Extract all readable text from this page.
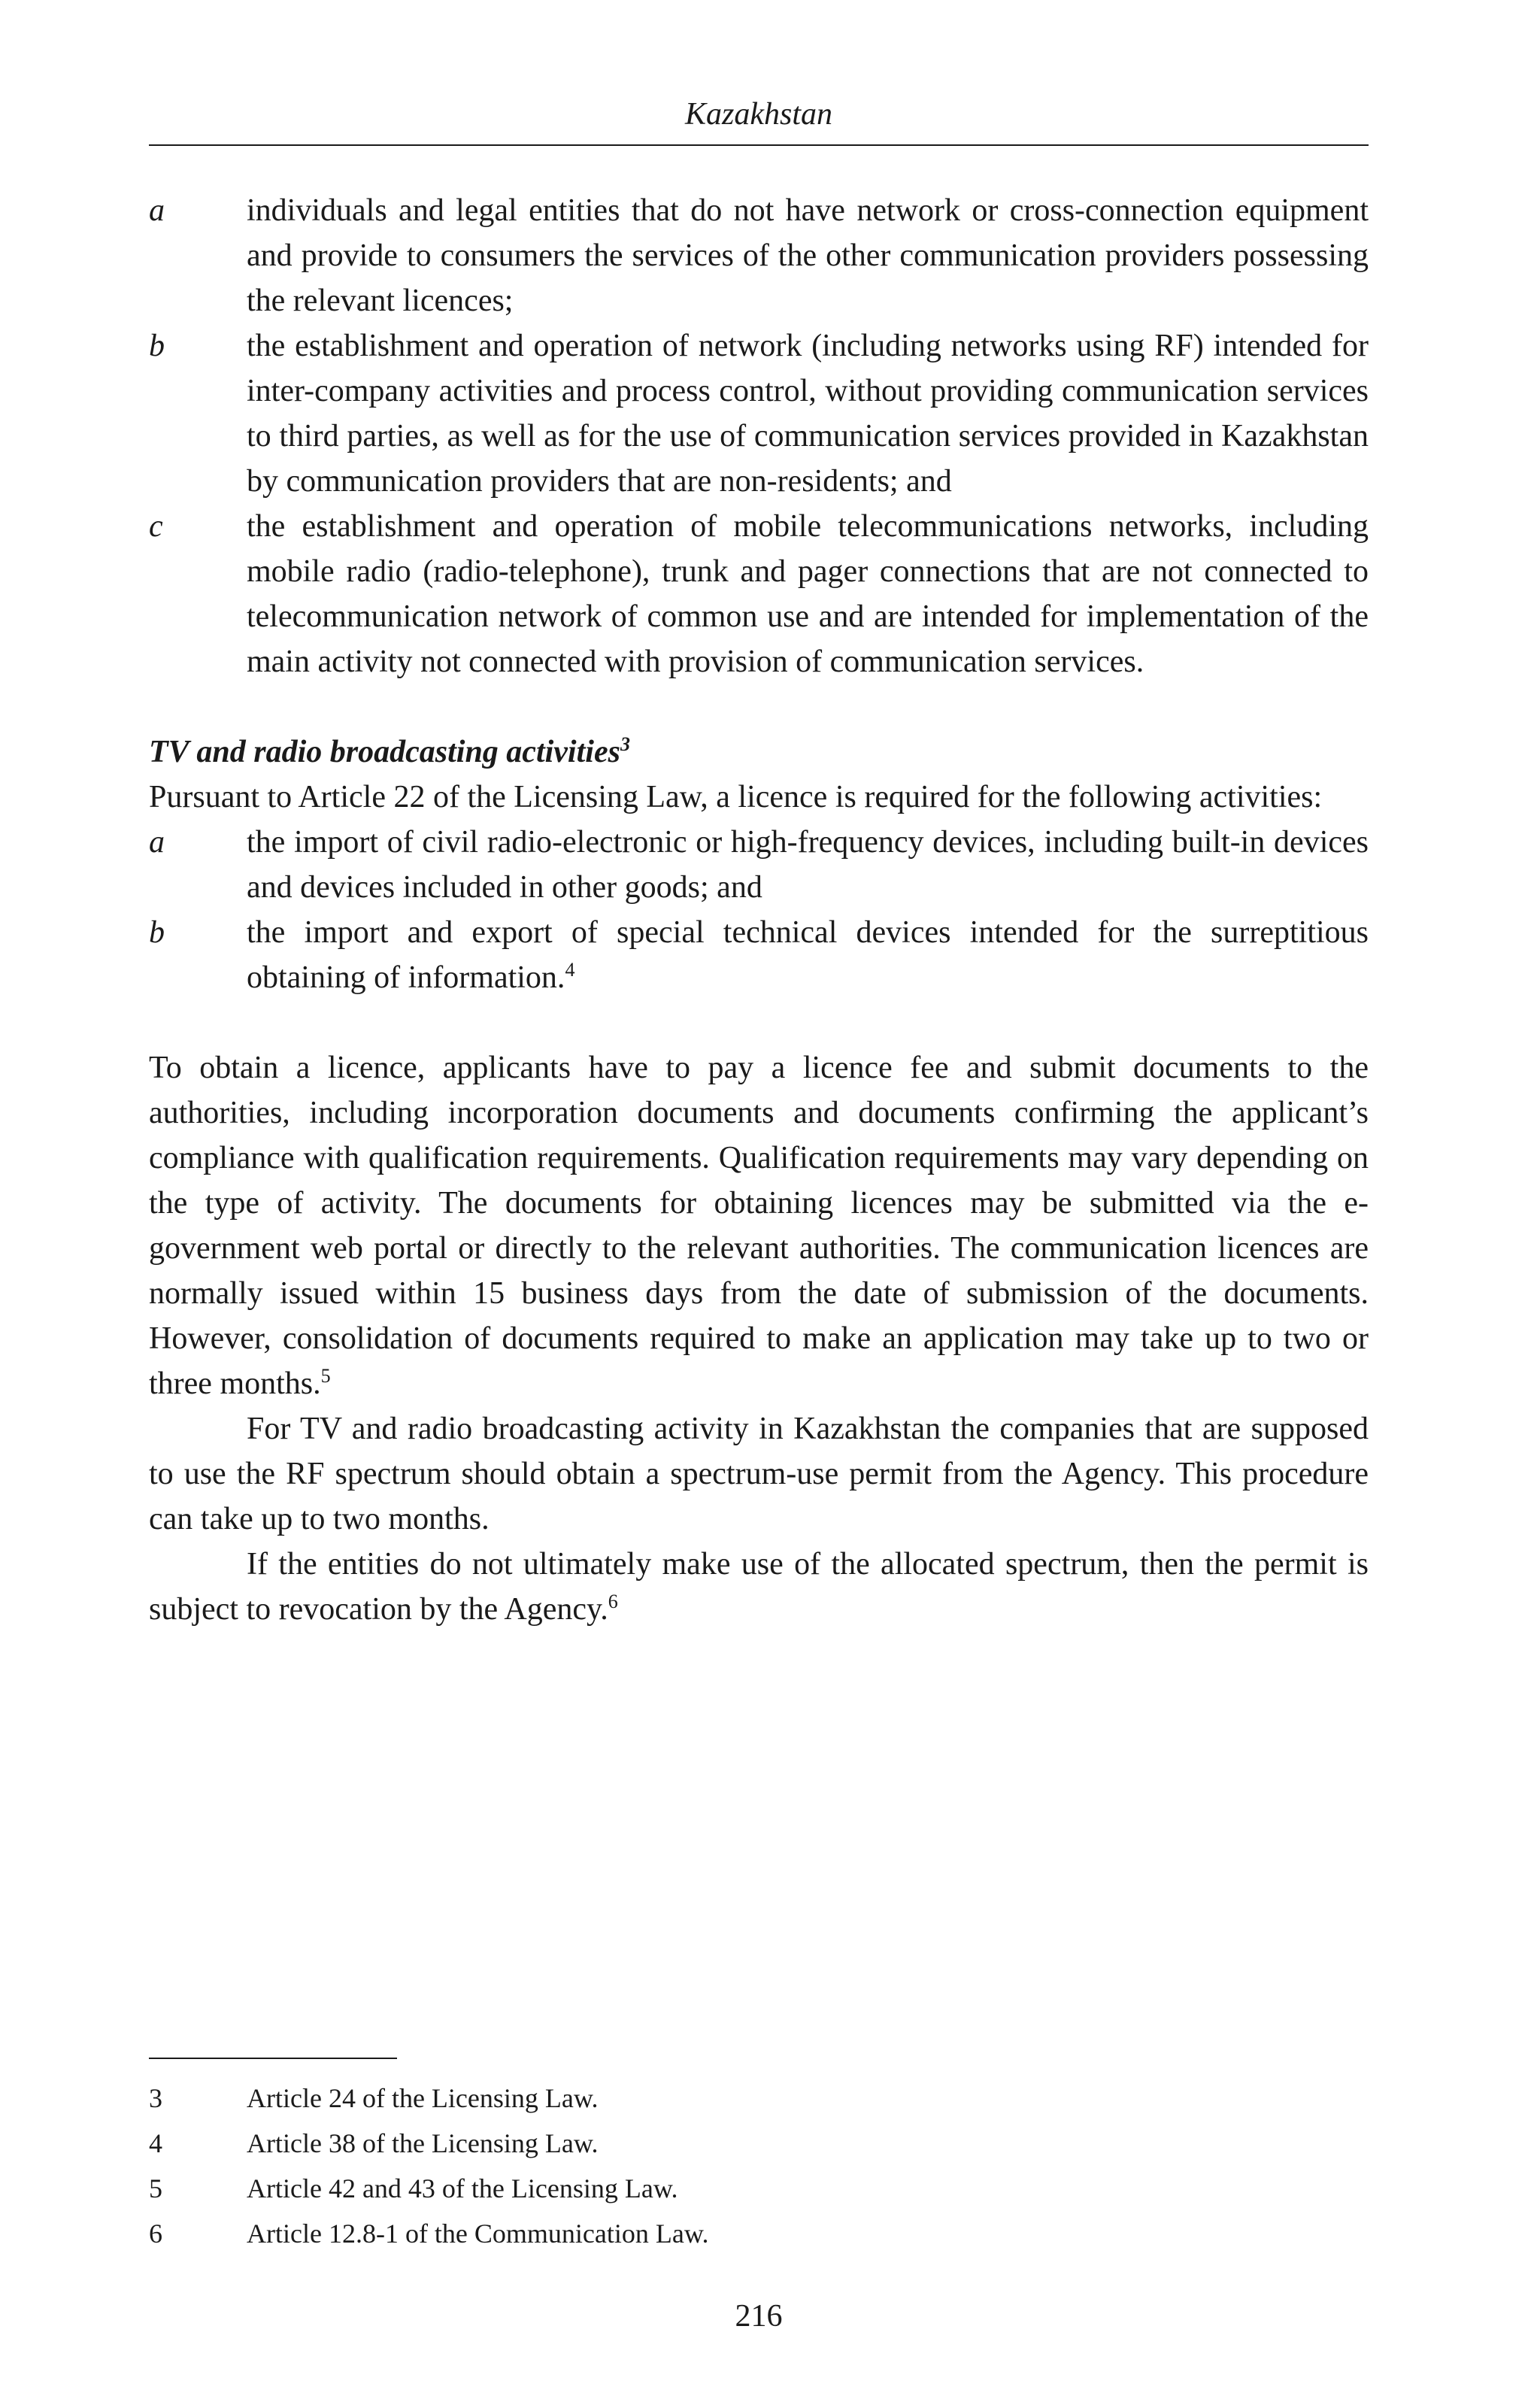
Kazakhstan
a	individuals and legal entities that do not have network or cross-connection equipment and provide to consumers the services of the other communication providers possessing the relevant licences;
b	the establishment and operation of network (including networks using RF) intended for inter-company activities and process control, without providing communication services to third parties, as well as for the use of communication services provided in Kazakhstan by communication providers that are non-residents; and
c	the establishment and operation of mobile telecommunications networks, including mobile radio (radio-telephone), trunk and pager connections that are not connected to telecommunication network of common use and are intended for implementation of the main activity not connected with provision of communication services.
TV and radio broadcasting activities$^3$
Pursuant to Article 22 of the Licensing Law, a licence is required for the following activities:
a	the import of civil radio-electronic or high-frequency devices, including built-in devices and devices included in other goods; and
b	the import and export of special technical devices intended for the surreptitious obtaining of information.$^4$
To obtain a licence, applicants have to pay a licence fee and submit documents to the authorities, including incorporation documents and documents confirming the applicant’s compliance with qualification requirements. Qualification requirements may vary depending on the type of activity. The documents for obtaining licences may be submitted via the e-government web portal or directly to the relevant authorities. The communication licences are normally issued within 15 business days from the date of submission of the documents. However, consolidation of documents required to make an application may take up to two or three months.$^5$
For TV and radio broadcasting activity in Kazakhstan the companies that are supposed to use the RF spectrum should obtain a spectrum-use permit from the Agency. This procedure can take up to two months.
If the entities do not ultimately make use of the allocated spectrum, then the permit is subject to revocation by the Agency.$^6$
3	Article 24 of the Licensing Law.
4	Article 38 of the Licensing Law.
5	Article 42 and 43 of the Licensing Law.
6	Article 12.8-1 of the Communication Law.
216
